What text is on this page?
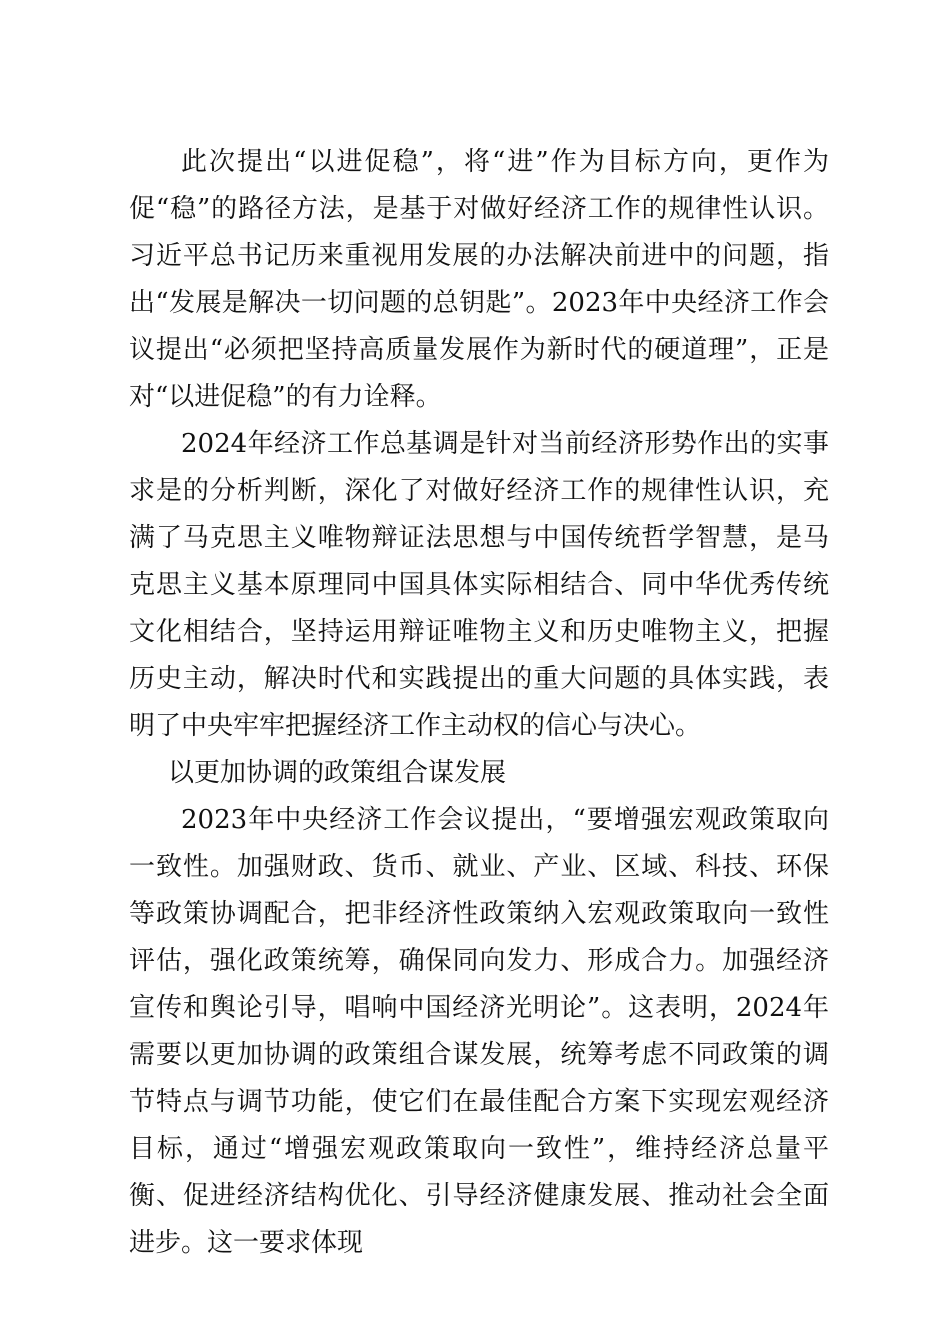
此次提出“以进促稳”，将“进”作为目标方向，更作为促“稳”的路径方法，是基于对做好经济工作的规律性认识。习近平总书记历来重视用发展的办法解决前进中的问题，指出“发展是解决一切问题的总钥匙”。2023年中央经济工作会议提出“必须把坚持高质量发展作为新时代的硬道理”，正是对“以进促稳”的有力诠释。

2024年经济工作总基调是针对当前经济形势作出的实事求是的分析判断，深化了对做好经济工作的规律性认识，充满了马克思主义唯物辩证法思想与中国传统哲学智慧，是马克思主义基本原理同中国具体实际相结合、同中华优秀传统文化相结合，坚持运用辩证唯物主义和历史唯物主义，把握历史主动，解决时代和实践提出的重大问题的具体实践，表明了中央牢牢把握经济工作主动权的信心与决心。

以更加协调的政策组合谋发展

2023年中央经济工作会议提出，“要增强宏观政策取向一致性。加强财政、货币、就业、产业、区域、科技、环保等政策协调配合，把非经济性政策纳入宏观政策取向一致性评估，强化政策统筹，确保同向发力、形成合力。加强经济宣传和舆论引导，唱响中国经济光明论”。这表明，2024年需要以更加协调的政策组合谋发展，统筹考虑不同政策的调节特点与调节功能，使它们在最佳配合方案下实现宏观经济目标，通过“增强宏观政策取向一致性”，维持经济总量平衡、促进经济结构优化、引导经济健康发展、推动社会全面进步。这一要求体现
